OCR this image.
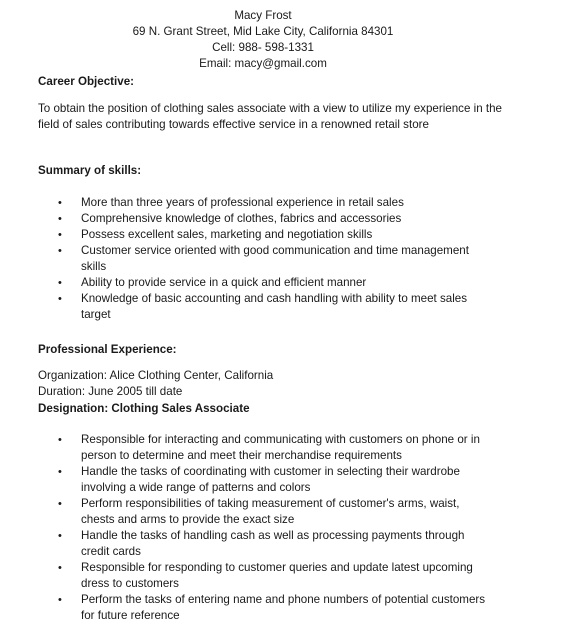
Macy Frost
69 N. Grant Street, Mid Lake City, California 84301
Cell: 988- 598-1331
Email: macy@gmail.com
Career Objective:
To obtain the position of clothing sales associate with a view to utilize my experience in the field of sales contributing towards effective service in a renowned retail store
Summary of skills:
•	More than three years of professional experience in retail sales
•	Comprehensive knowledge of clothes, fabrics and accessories
•	Possess excellent sales, marketing and negotiation skills
•	Customer service oriented with good communication and time management skills
•	Ability to provide service in a quick and efficient manner
•	Knowledge of basic accounting and cash handling with ability to meet sales target
Professional Experience:
Organization: Alice Clothing Center, California
Duration: June 2005 till date
Designation: Clothing Sales Associate
•	Responsible for interacting and communicating with customers on phone or in person to determine and meet their merchandise requirements
•	Handle the tasks of coordinating with customer in selecting their wardrobe involving a wide range of patterns and colors
•	Perform responsibilities of taking measurement of customer's arms, waist, chests and arms to provide the exact size
•	Handle the tasks of handling cash as well as processing payments through credit cards
•	Responsible for responding to customer queries and update latest upcoming dress to customers
•	Perform the tasks of entering name and phone numbers of potential customers for future reference
